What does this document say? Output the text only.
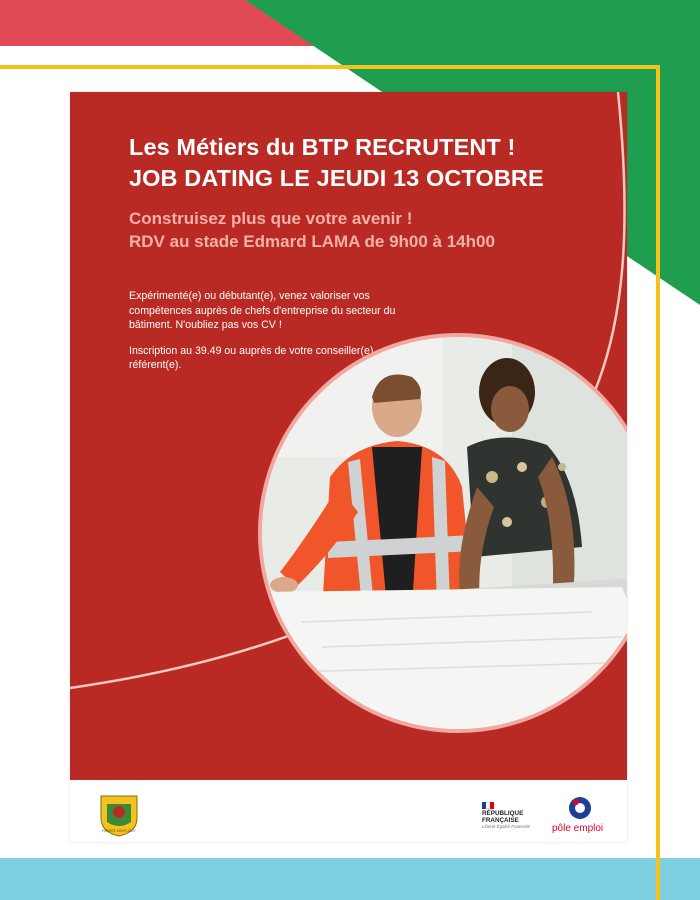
Les Métiers du BTP RECRUTENT !
JOB DATING LE JEUDI 13 OCTOBRE
Construisez plus que votre avenir !
RDV au stade Edmard LAMA de 9h00 à 14h00

Expérimenté(e) ou débutant(e), venez valoriser vos compétences auprès de chefs d'entreprise du secteur du bâtiment. N'oubliez pas vos CV !

Inscription au 39.49 ou auprès de votre conseiller(e) référent(e).

REMIRE MONTJOLY
RÉPUBLIQUE
FRANÇAISE
Liberté Égalité Fraternité	pôle emploi
